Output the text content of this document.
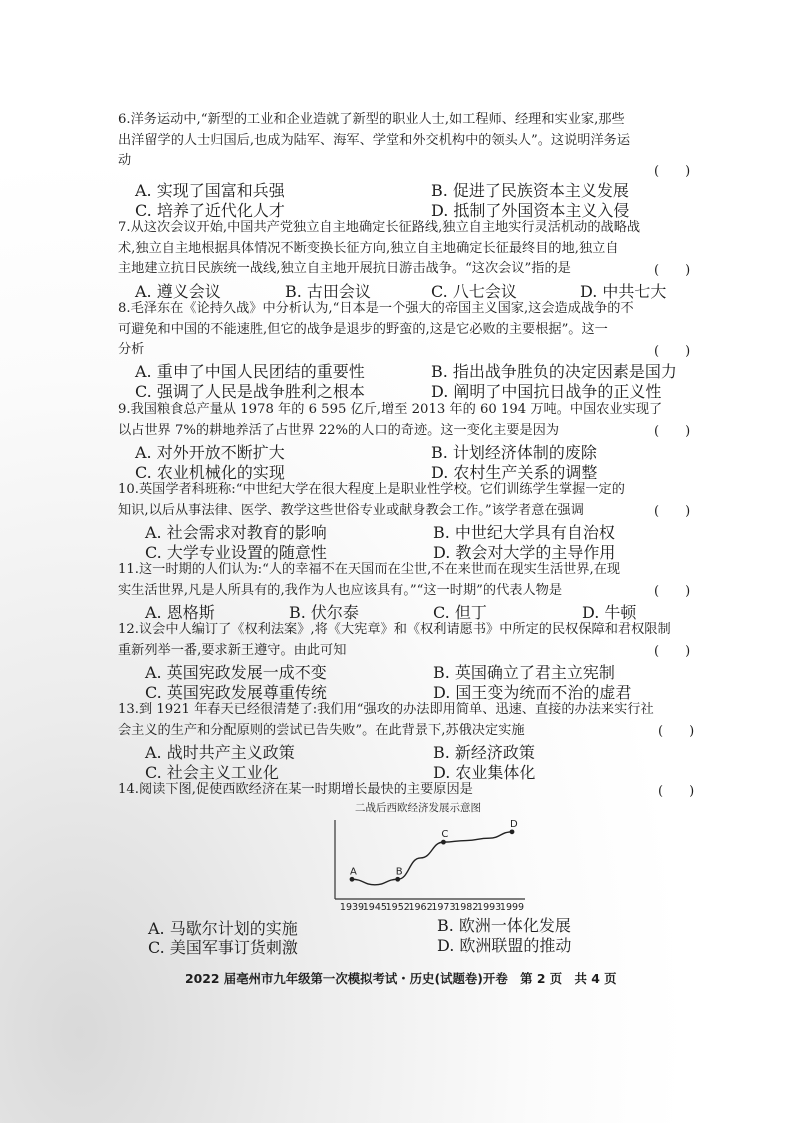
6.洋务运动中,“新型的工业和企业造就了新型的职业人士,如工程师、经理和实业家,那些

出洋留学的人士归国后,也成为陆军、海军、学堂和外交机构中的领头人”。这说明洋务运

动

(　　)
A. 实现了国富和兵强	B. 促进了民族资本主义发展
C. 培养了近代化人才	D. 抵制了外国资本主义入侵

7.从这次会议开始,中国共产党独立自主地确定长征路线,独立自主地实行灵活机动的战略战

术,独立自主地根据具体情况不断变换长征方向,独立自主地确定长征最终目的地,独立自

主地建立抗日民族统一战线,独立自主地开展抗日游击战争。“这次会议”指的是	(　　)
A. 遵义会议	B. 古田会议	C. 八七会议	D. 中共七大

8.毛泽东在《论持久战》中分析认为,“日本是一个强大的帝国主义国家,这会造成战争的不

可避免和中国的不能速胜,但它的战争是退步的野蛮的,这是它必败的主要根据”。这一

分析	(　　)
A. 重申了中国人民团结的重要性	B. 指出战争胜负的决定因素是国力
C. 强调了人民是战争胜利之根本	D. 阐明了中国抗日战争的正义性

9.我国粮食总产量从 1978 年的 6 595 亿斤,增至 2013 年的 60 194 万吨。中国农业实现了

以占世界 7%的耕地养活了占世界 22%的人口的奇迹。这一变化主要是因为	(　　)
A. 对外开放不断扩大	B. 计划经济体制的废除
C. 农业机械化的实现	D. 农村生产关系的调整

10.英国学者科班称:“中世纪大学在很大程度上是职业性学校。它们训练学生掌握一定的

知识,以后从事法律、医学、教学这些世俗专业或献身教会工作。”该学者意在强调	(　　)
A. 社会需求对教育的影响	B. 中世纪大学具有自治权
C. 大学专业设置的随意性	D. 教会对大学的主导作用

11.这一时期的人们认为:“人的幸福不在天国而在尘世,不在来世而在现实生活世界,在现

实生活世界,凡是人所具有的,我作为人也应该具有。”“这一时期”的代表人物是	(　　)
A. 恩格斯	B. 伏尔泰	C. 但丁	D. 牛顿

12.议会中人编订了《权利法案》,将《大宪章》和《权利请愿书》中所定的民权保障和君权限制

重新列举一番,要求新王遵守。由此可知	(　　)
A. 英国宪政发展一成不变	B. 英国确立了君主立宪制
C. 英国宪政发展尊重传统	D. 国王变为统而不治的虚君

13.到 1921 年春天已经很清楚了:我们用“强攻的办法即用简单、迅速、直接的办法来实行社

会主义的生产和分配原则的尝试已告失败”。在此背景下,苏俄决定实施	(　　)
A. 战时共产主义政策	B. 新经济政策
C. 社会主义工业化	D. 农业集体化

14.阅读下图,促使西欧经济在某一时期增长最快的主要原因是	(　　)
二战后西欧经济发展示意图
1939
1945
1952
1962
1973
1982
1993
1999
A	B
C
D
A. 马歇尔计划的实施	B. 欧洲一体化发展
C. 美国军事订货刺激	D. 欧洲联盟的推动
2022 届亳州市九年级第一次模拟考试・历史(试题卷)开卷　第 2 页　共 4 页
